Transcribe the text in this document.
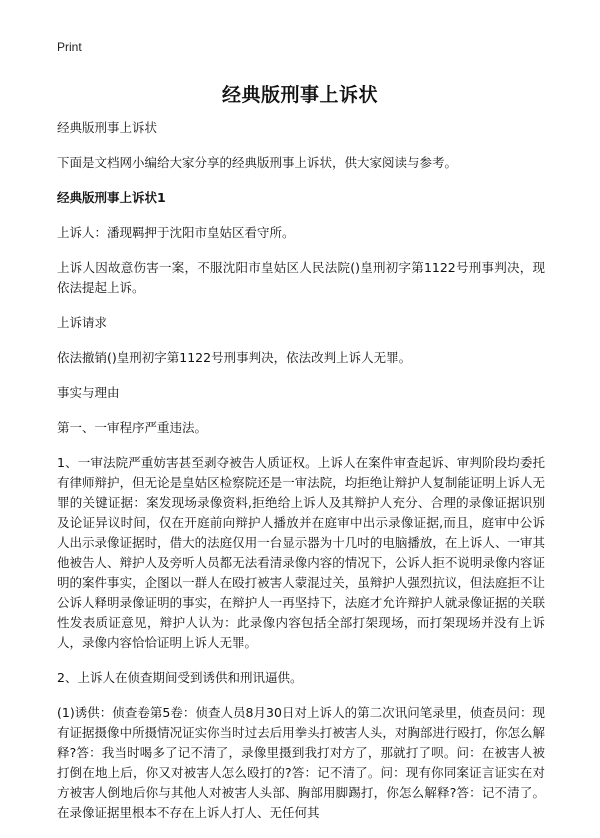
Print
经典版刑事上诉状

经典版刑事上诉状

下面是文档网小编给大家分享的经典版刑事上诉状，供大家阅读与参考。

经典版刑事上诉状1

上诉人：潘现羁押于沈阳市皇姑区看守所。

上诉人因故意伤害一案，不服沈阳市皇姑区人民法院()皇刑初字第1122号刑事判决，现依法提起上诉。

上诉请求

依法撤销()皇刑初字第1122号刑事判决，依法改判上诉人无罪。

事实与理由

第一、一审程序严重违法。

1、一审法院严重妨害甚至剥夺被告人质证权。上诉人在案件审查起诉、审判阶段均委托有律师辩护，但无论是皇姑区检察院还是一审法院，均拒绝让辩护人复制能证明上诉人无罪的关键证据：案发现场录像资料,拒绝给上诉人及其辩护人充分、合理的录像证据识别及论证异议时间，仅在开庭前向辩护人播放并在庭审中出示录像证据,而且，庭审中公诉人出示录像证据时，借大的法庭仅用一台显示器为十几吋的电脑播放，在上诉人、一审其他被告人、辩护人及旁听人员都无法看清录像内容的情况下，公诉人拒不说明录像内容证明的案件事实，企图以一群人在殴打被害人蒙混过关，虽辩护人强烈抗议，但法庭拒不让公诉人释明录像证明的事实，在辩护人一再坚持下，法庭才允许辩护人就录像证据的关联性发表质证意见，辩护人认为：此录像内容包括全部打架现场，而打架现场并没有上诉人，录像内容恰恰证明上诉人无罪。

2、上诉人在侦查期间受到诱供和刑讯逼供。

(1)诱供：侦查卷第5卷：侦查人员8月30日对上诉人的第二次讯问笔录里，侦查员问：现有证据摄像中所摄情况证实你当时过去后用拳头打被害人头，对胸部进行殴打，你怎么解释?答：我当时喝多了记不清了，录像里摄到我打对方了，那就打了呗。问：在被害人被打倒在地上后，你又对被害人怎么殴打的?答：记不清了。问：现有你同案证言证实在对方被害人倒地后你与其他人对被害人头部、胸部用脚踢打，你怎么解释?答：记不清了。在录像证据里根本不存在上诉人打人、无任何其
